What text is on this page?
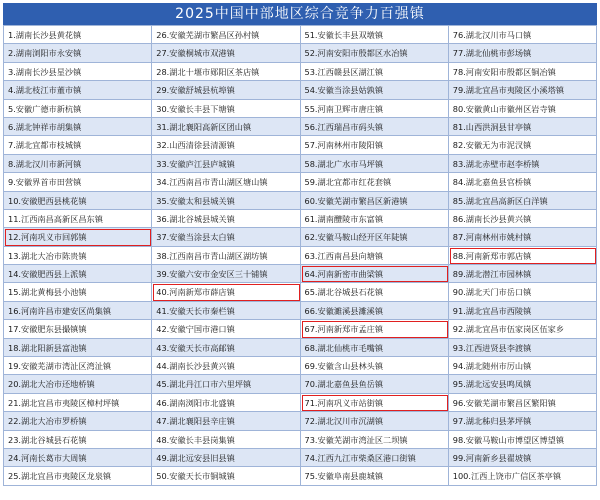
2025中国中部地区综合竞争力百强镇
1.湖南长沙县黄花镇	26.安徽芜湖市繁昌区孙村镇	51.安徽长丰县双墩镇	76.湖北汉川市马口镇
2.湖南浏阳市永安镇	27.安徽桐城市双港镇	52.河南安阳市殷都区水冶镇	77.湖北仙桃市彭场镇
3.湖南长沙县星沙镇	28.湖北十堰市郧阳区茶店镇	53.江西赣县区湖江镇	78.河南安阳市殷都区铜冶镇
4.湖北枝江市董市镇	29.安徽舒城县杭埠镇	54.安徽当涂县姑孰镇	79.湖北宜昌市夷陵区小溪塔镇
5.安徽广德市新杭镇	30.安徽长丰县下塘镇	55.河南卫辉市唐庄镇	80.安徽黄山市徽州区岩寺镇
6.湖北钟祥市胡集镇	31.湖北襄阳高新区团山镇	56.江西瑞昌市码头镇	81.山西洪洞县甘亭镇
7.湖北宜都市枝城镇	32.山西清徐县清源镇	57.河南林州市陵阳镇	82.安徽无为市泥汊镇
8.湖北汉川市新河镇	33.安徽庐江县庐城镇	58.湖北广水市马坪镇	83.湖北赤壁市赵李桥镇
9.安徽界首市田营镇	34.江西南昌市青山湖区塘山镇	59.湖北宜都市红花套镇	84.湖北嘉鱼县官桥镇
10.安徽肥西县桃花镇	35.安徽太和县城关镇	60.安徽芜湖市繁昌区新港镇	85.湖北宜昌高新区白洋镇
11.江西南昌高新区昌东镇	36.湖北谷城县城关镇	61.湖南醴陵市东富镇	86.湖南长沙县黄兴镇
12.河南巩义市回郭镇	37.安徽当涂县太白镇	62.安徽马鞍山经开区年陡镇	87.河南林州市姚村镇
13.湖北大冶市陈贵镇	38.江西南昌市青山湖区湖坊镇	63.江西南昌县向塘镇	88.河南新郑市郭店镇
14.安徽肥西县上派镇	39.安徽六安市金安区三十铺镇	64.河南新密市曲梁镇	89.湖北潜江市园林镇
15.湖北黄梅县小池镇	40.河南新郑市薛店镇	65.湖北谷城县石花镇	90.湖北天门市岳口镇
16.河南许昌市建安区尚集镇	41.安徽天长市秦栏镇	66.安徽濉溪县濉溪镇	91.湖北宜昌市西陵镇
17.安徽肥东县撮镇镇	42.安徽宁国市港口镇	67.河南新郑市孟庄镇	92.湖北宜昌市伍家岗区伍家乡
18.湖北阳新县富池镇	43.安徽天长市高邮镇	68.湖北仙桃市毛嘴镇	93.江西进贤县李渡镇
19.安徽芜湖市湾沚区湾沚镇	44.湖南长沙县黄兴镇	69.安徽含山县林头镇	94.湖北随州市厉山镇
20.湖北大冶市还地桥镇	45.湖北丹江口市六里坪镇	70.湖北嘉鱼县鱼岳镇	95.湖北远安县鸣凤镇
21.湖北宜昌市夷陵区樟村坪镇	46.湖南浏阳市北盛镇	71.河南巩义市站街镇	96.安徽芜湖市繁昌区繁阳镇
22.湖北大冶市罗桥镇	47.湖北襄阳县辛庄镇	72.湖北汉川市沉湖镇	97.湖北秭归县茅坪镇
23.湖北谷城县石花镇	48.安徽长丰县岗集镇	73.安徽芜湖市湾沚区二坝镇	98.安徽马鞍山市博望区博望镇
24.河南长葛市大周镇	49.湖北远安县旧县镇	74.江西九江市柴桑区港口街镇	99.河南新乡县翟坡镇
25.湖北宜昌市夷陵区龙泉镇	50.安徽天长市铜城镇	75.安徽阜南县鹿城镇	100.江西上饶市广信区茶亭镇
